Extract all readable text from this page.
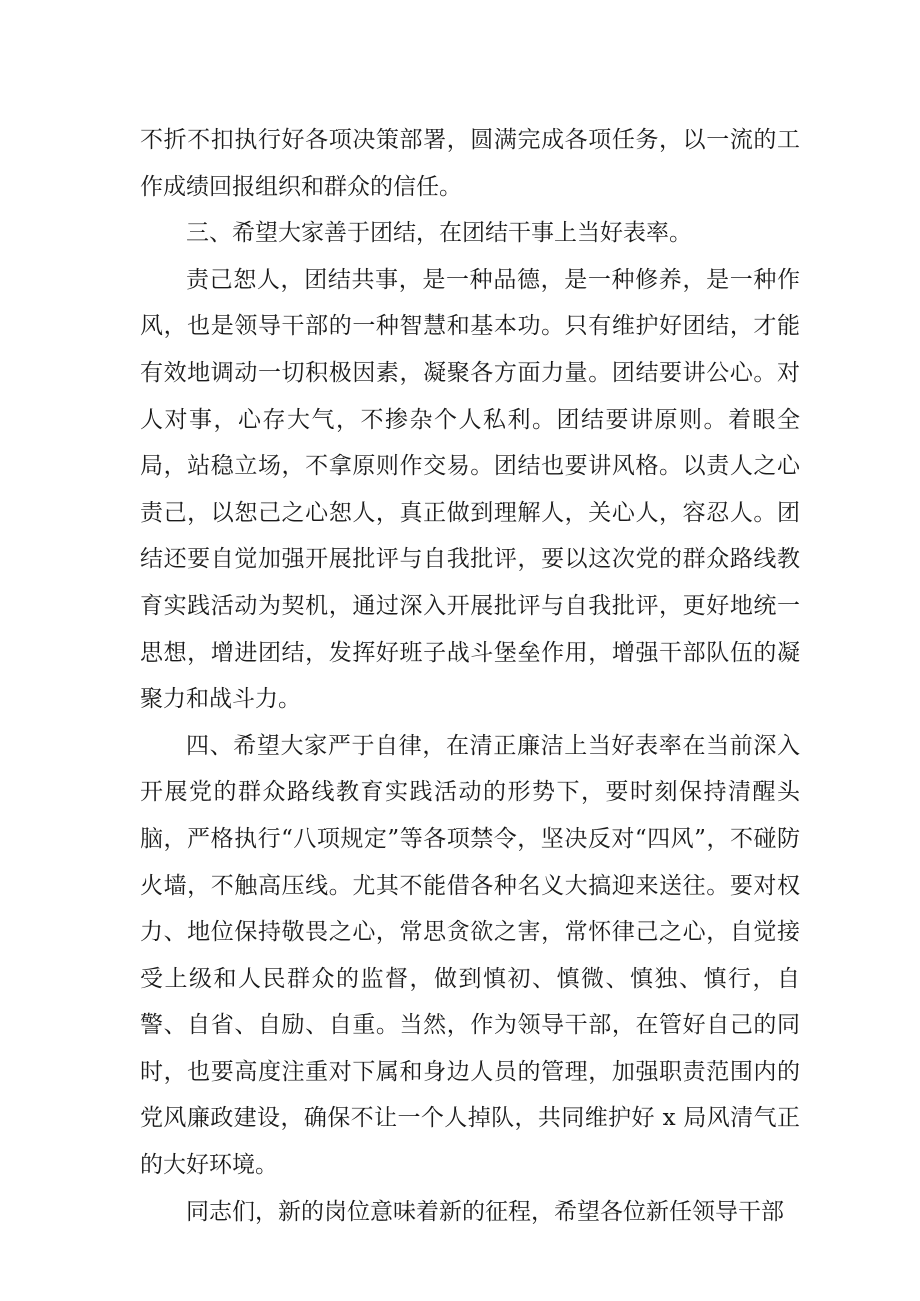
不折不扣执行好各项决策部署，圆满完成各项任务，以一流的工作成绩回报组织和群众的信任。

三、希望大家善于团结，在团结干事上当好表率。

责己恕人，团结共事，是一种品德，是一种修养，是一种作风，也是领导干部的一种智慧和基本功。只有维护好团结，才能有效地调动一切积极因素，凝聚各方面力量。团结要讲公心。对人对事，心存大气，不掺杂个人私利。团结要讲原则。着眼全局，站稳立场，不拿原则作交易。团结也要讲风格。以责人之心责己，以恕己之心恕人，真正做到理解人，关心人，容忍人。团结还要自觉加强开展批评与自我批评，要以这次党的群众路线教育实践活动为契机，通过深入开展批评与自我批评，更好地统一思想，增进团结，发挥好班子战斗堡垒作用，增强干部队伍的凝聚力和战斗力。

四、希望大家严于自律，在清正廉洁上当好表率在当前深入开展党的群众路线教育实践活动的形势下，要时刻保持清醒头脑，严格执行“八项规定”等各项禁令，坚决反对“四风”，不碰防火墙，不触高压线。尤其不能借各种名义大搞迎来送往。要对权力、地位保持敬畏之心，常思贪欲之害，常怀律己之心，自觉接受上级和人民群众的监督，做到慎初、慎微、慎独、慎行，自警、自省、自励、自重。当然，作为领导干部，在管好自己的同时，也要高度注重对下属和身边人员的管理，加强职责范围内的党风廉政建设，确保不让一个人掉队，共同维护好 x 局风清气正的大好环境。

同志们，新的岗位意味着新的征程，希望各位新任领导干部
